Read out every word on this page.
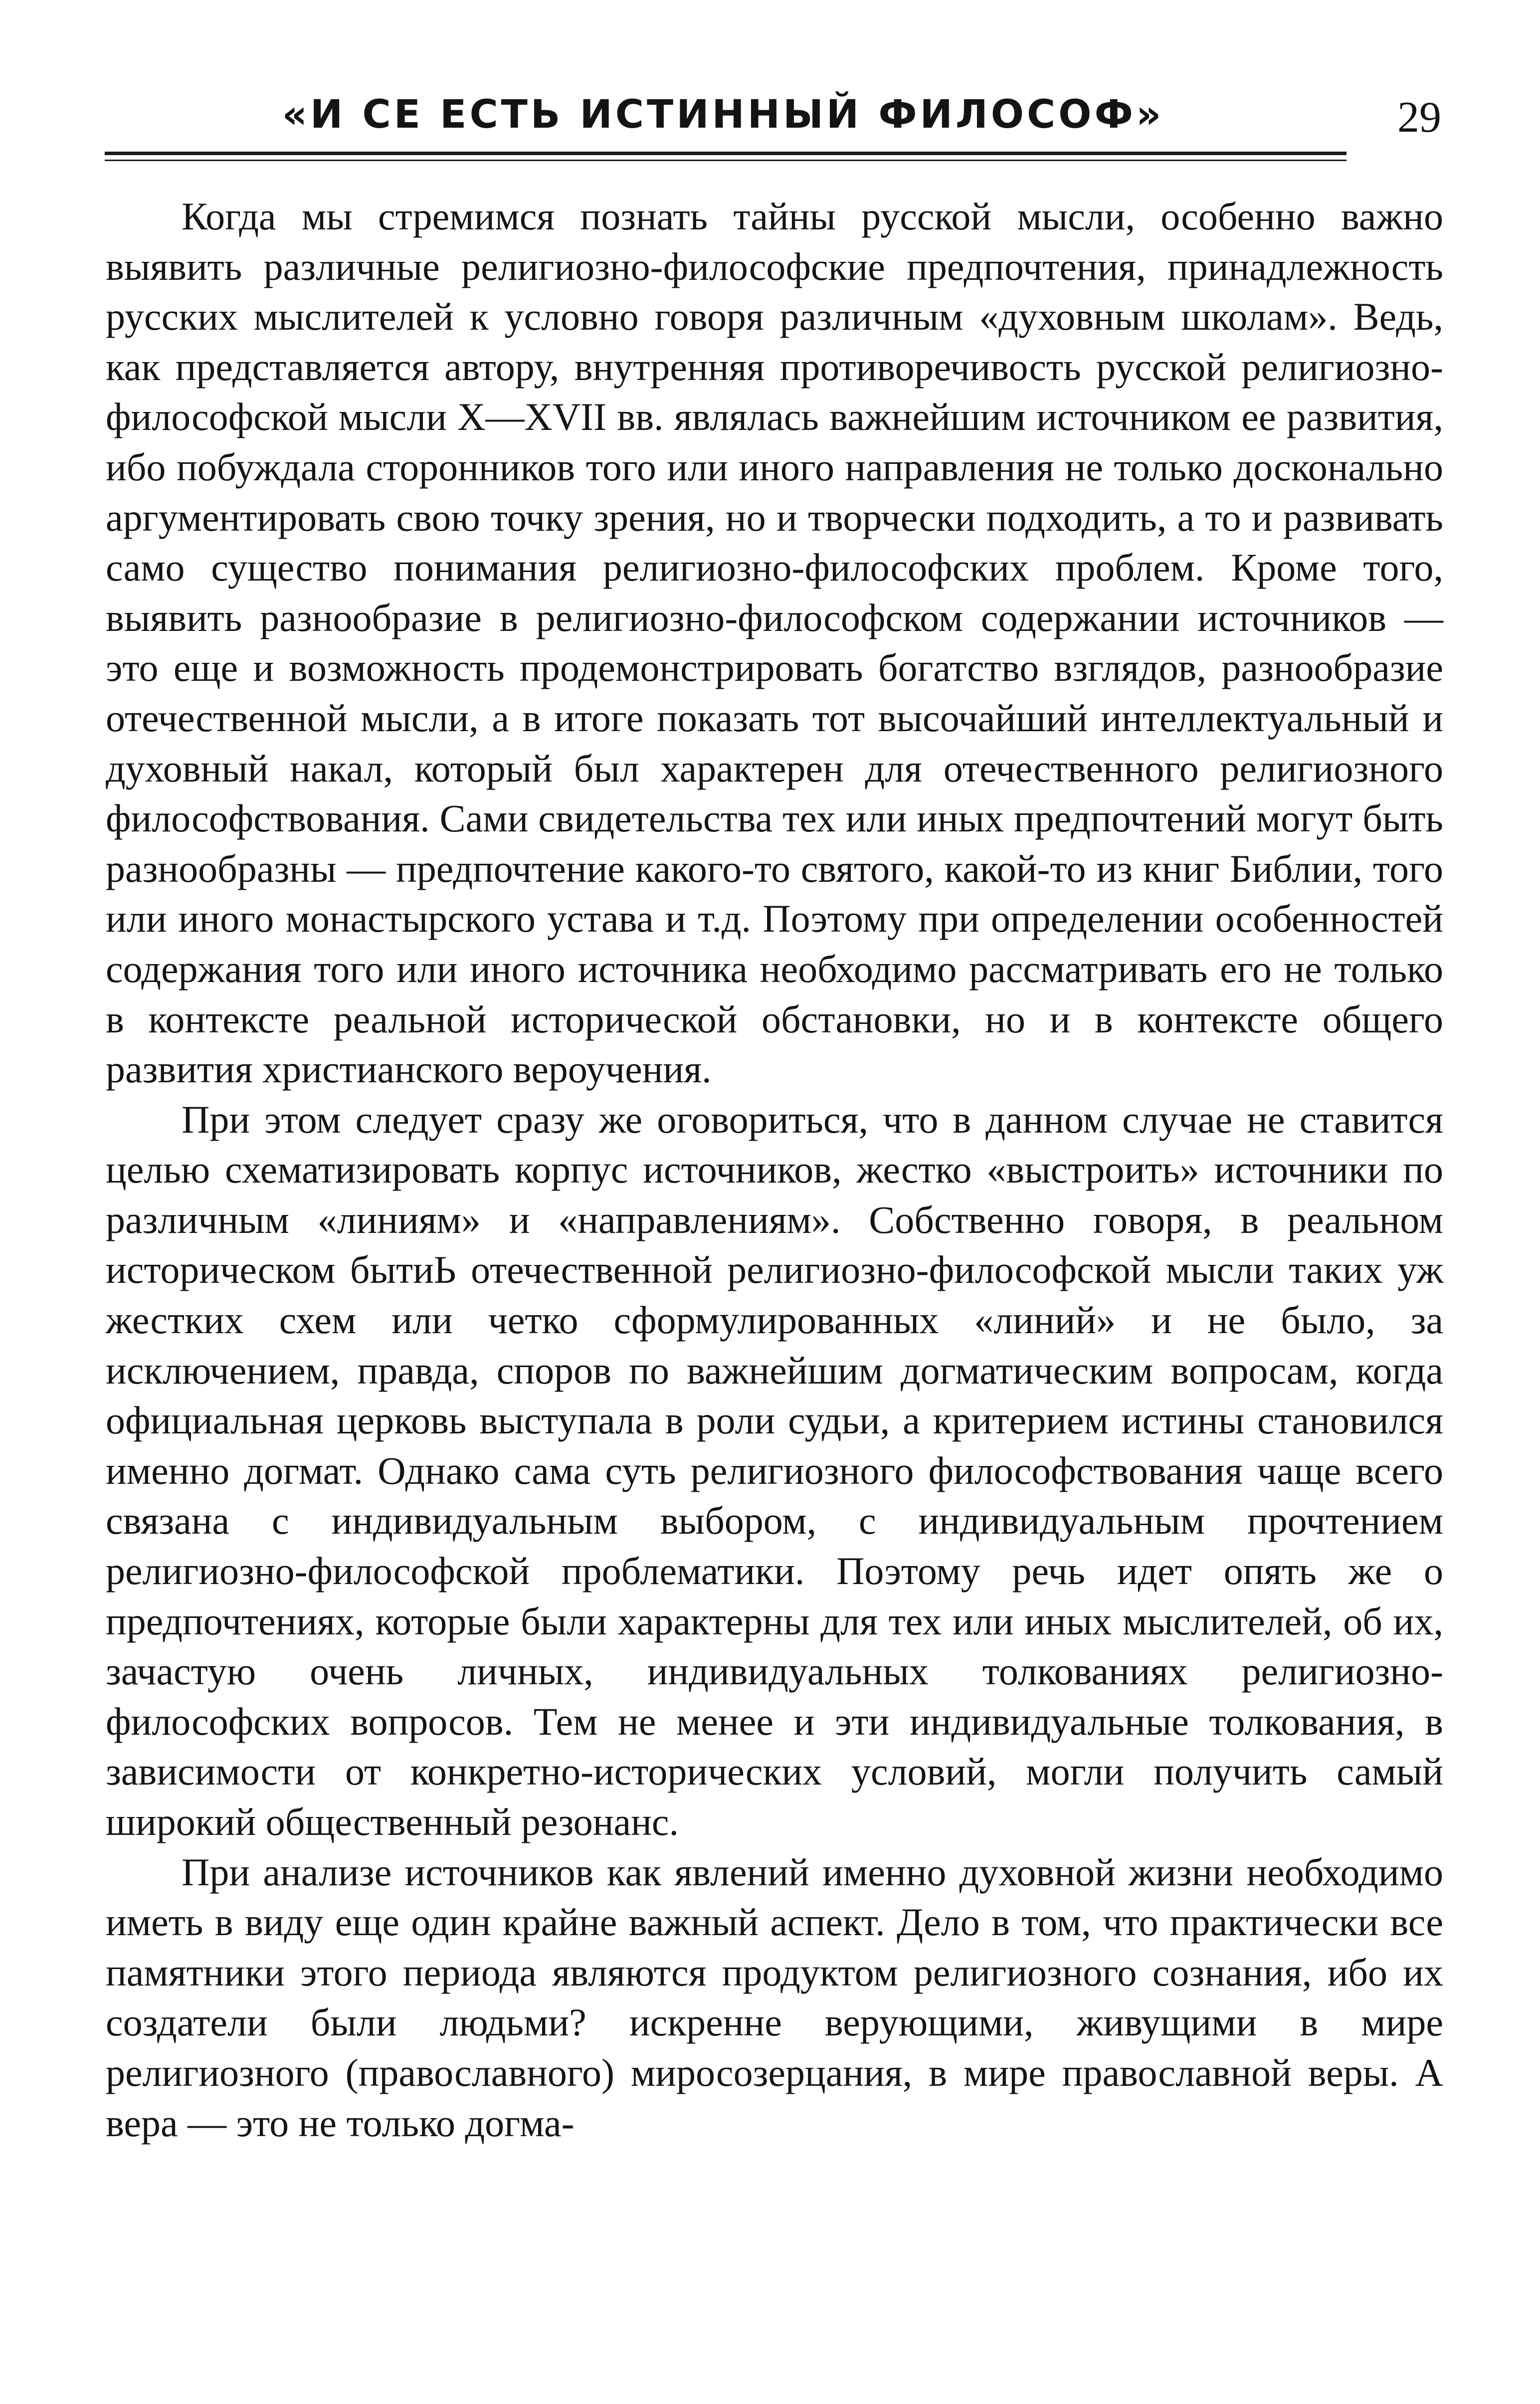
«И СЕ ЕСТЬ ИСТИННЫЙ ФИЛОСОФ»	29

Когда мы стремимся познать тайны русской мысли, особенно важно выявить различные религиозно-философские предпочтения, принадлежность русских мыслителей к условно говоря различным «духовным школам». Ведь, как представляется автору, внутренняя противоречивость русской религиозно-философской мысли X—XVII вв. являлась важнейшим источником ее развития, ибо побуждала сторонников того или иного направления не только досконально аргументировать свою точку зрения, но и творчески подходить, а то и развивать само существо понимания религиозно-философских проблем. Кроме того, выявить разнообразие в религиозно-философском содержании источников — это еще и возможность продемонстрировать богатство взглядов, разнообразие отечественной мысли, а в итоге показать тот высочайший интеллектуальный и духовный накал, который был характерен для отечественного религиозного философствования. Сами свидетельства тех или иных предпочтений могут быть разнообразны — предпочтение какого-то святого, какой-то из книг Библии, того или иного монастырского устава и т.д. Поэтому при определении особенностей содержания того или иного источника необходимо рассматривать его не только в контексте реальной исторической обстановки, но и в контексте общего развития христианского вероучения.

При этом следует сразу же оговориться, что в данном случае не ставится целью схематизировать корпус источников, жестко «выстроить» источники по различным «линиям» и «направлениям». Собственно говоря, в реальном историческом бытиЬ отечественной религиозно-философской мысли таких уж жестких схем или четко сформулированных «линий» и не было, за исключением, правда, споров по важнейшим догматическим вопросам, когда официальная церковь выступала в роли судьи, а критерием истины становился именно догмат. Однако сама суть религиозного философствования чаще всего связана с индивидуальным выбором, с индивидуальным прочтением религиозно-философской проблематики. Поэтому речь идет опять же о предпочтениях, которые были характерны для тех или иных мыслителей, об их, зачастую очень личных, индивидуальных толкованиях религиозно-философских вопросов. Тем не менее и эти индивидуальные толкования, в зависимости от конкретно-исторических условий, могли получить самый широкий общественный резонанс.

При анализе источников как явлений именно духовной жизни необходимо иметь в виду еще один крайне важный аспект. Дело в том, что практически все памятники этого периода являются продуктом религиозного сознания, ибо их создатели были людьми? искренне верующими, живущими в мире религиозного (православного) миросозерцания, в мире православной веры. А вера — это не только догма-
